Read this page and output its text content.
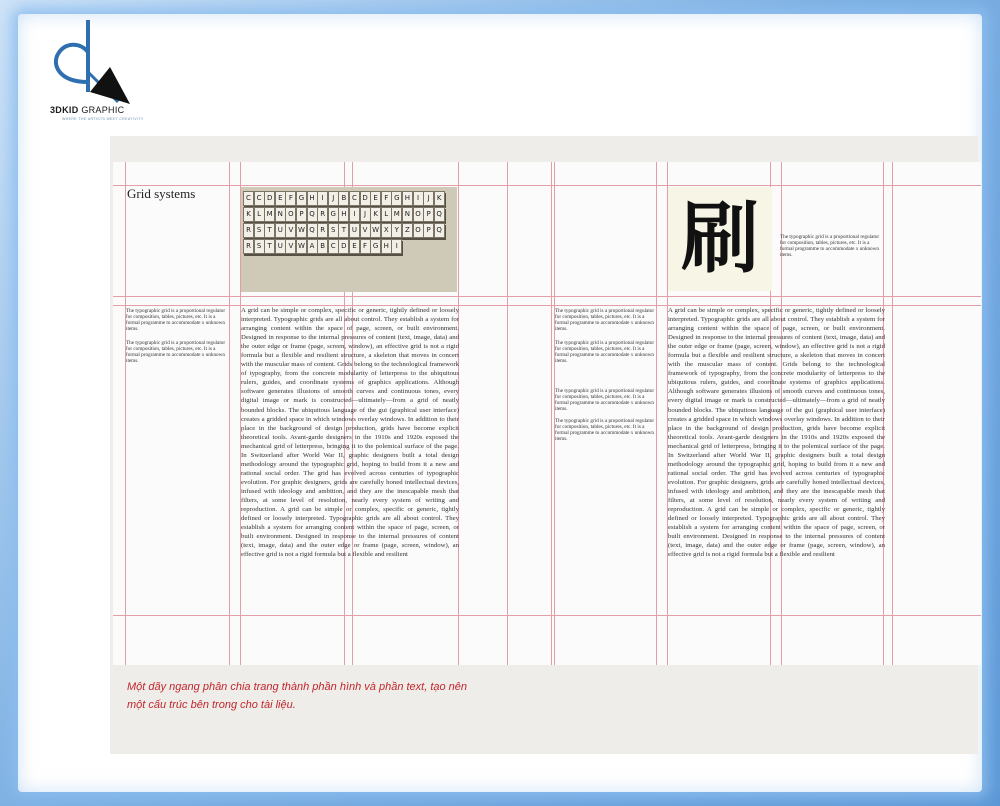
3DKID GRAPHIC
WHERE THE ARTISTS MEET CREATIVITY
Grid systems	C C D E F G H I	J	B C D E F G H I	J	K
K L M N O P Q R G H I	J	K L M N O P Q
R S T U V W Q R S T U V W X Y Z O P Q
R S T U V W A B C D E F G H I	刷	The typographic grid is a proportional regulator for composition, tables, pictures, etc. It is a formal programme to accommodate x unknown items.
The typographic grid is a proportional regulator for composition, tables, pictures, etc. It is a formal programme to accommodate x unknown items.
The typographic grid is a proportional regulator for composition, tables, pictures, etc. It is a formal programme to accommodate x unknown items.
A grid can be simple or complex, specific or generic, tightly defined or loosely interpreted. Typographic grids are all about control. They establish a system for arranging content within the space of page, screen, or built environment. Designed in response to the internal pressures of content (text, image, data) and the outer edge or frame (page, screen, window), an effective grid is not a rigid formula but a flexible and resilient structure, a skeleton that moves in concert with the muscular mass of content. Grids belong to the technological framework of typography, from the concrete modularity of letterpress to the ubiquitous rulers, guides, and coordinate systems of graphics applications. Although software generates illusions of smooth curves and continuous tones, every digital image or mark is constructed—ultimately—from a grid of neatly bounded blocks. The ubiquitous language of the gui (graphical user interface) creates a gridded space in which windows overlay windows. In addition to their place in the background of design production, grids have become explicit theoretical tools. Avant-garde designers in the 1910s and 1920s exposed the mechanical grid of letterpress, bringing it to the polemical surface of the page. In Switzerland after World War II, graphic designers built a total design methodology around the typographic grid, hoping to build from it a new and rational social order. The grid has evolved across centuries of typographic evolution. For graphic designers, grids are carefully honed intellectual devices, infused with ideology and ambition, and they are the inescapable mesh that filters, at some level of resolution, nearly every system of writing and reproduction. A grid can be simple or complex, specific or generic, tightly defined or loosely interpreted. Typographic grids are all about control. They establish a system for arranging content within the space of page, screen, or built environment. Designed in response to the internal pressures of content (text, image, data) and the outer edge or frame (page, screen, window), an effective grid is not a rigid formula but a flexible and resilient
The typographic grid is a proportional regulator for composition, tables, pictures, etc. It is a formal programme to accommodate x unknown items.
The typographic grid is a proportional regulator for composition, tables, pictures, etc. It is a formal programme to accommodate x unknown items.
The typographic grid is a proportional regulator for composition, tables, pictures, etc. It is a formal programme to accommodate x unknown items.
The typographic grid is a proportional regulator for composition, tables, pictures, etc. It is a formal programme to accommodate x unknown items.
A grid can be simple or complex, specific or generic, tightly defined or loosely interpreted. Typographic grids are all about control. They establish a system for arranging content within the space of page, screen, or built environment. Designed in response to the internal pressures of content (text, image, data) and the outer edge or frame (page, screen, window), an effective grid is not a rigid formula but a flexible and resilient structure, a skeleton that moves in concert with the muscular mass of content. Grids belong to the technological framework of typography, from the concrete modularity of letterpress to the ubiquitous rulers, guides, and coordinate systems of graphics applications. Although software generates illusions of smooth curves and continuous tones, every digital image or mark is constructed—ultimately—from a grid of neatly bounded blocks. The ubiquitous language of the gui (graphical user interface) creates a gridded space in which windows overlay windows. In addition to their place in the background of design production, grids have become explicit theoretical tools. Avant-garde designers in the 1910s and 1920s exposed the mechanical grid of letterpress, bringing it to the polemical surface of the page. In Switzerland after World War II, graphic designers built a total design methodology around the typographic grid, hoping to build from it a new and rational social order. The grid has evolved across centuries of typographic evolution. For graphic designers, grids are carefully honed intellectual devices, infused with ideology and ambition, and they are the inescapable mesh that filters, at some level of resolution, nearly every system of writing and reproduction. A grid can be simple or complex, specific or generic, tightly defined or loosely interpreted. Typographic grids are all about control. They establish a system for arranging content within the space of page, screen, or built environment. Designed in response to the internal pressures of content (text, image, data) and the outer edge or frame (page, screen, window), an effective grid is not a rigid formula but a flexible and resilient
Một dãy ngang phân chia trang thành phần hình và phần text, tạo nên
một cấu trúc bên trong cho tài liệu.
